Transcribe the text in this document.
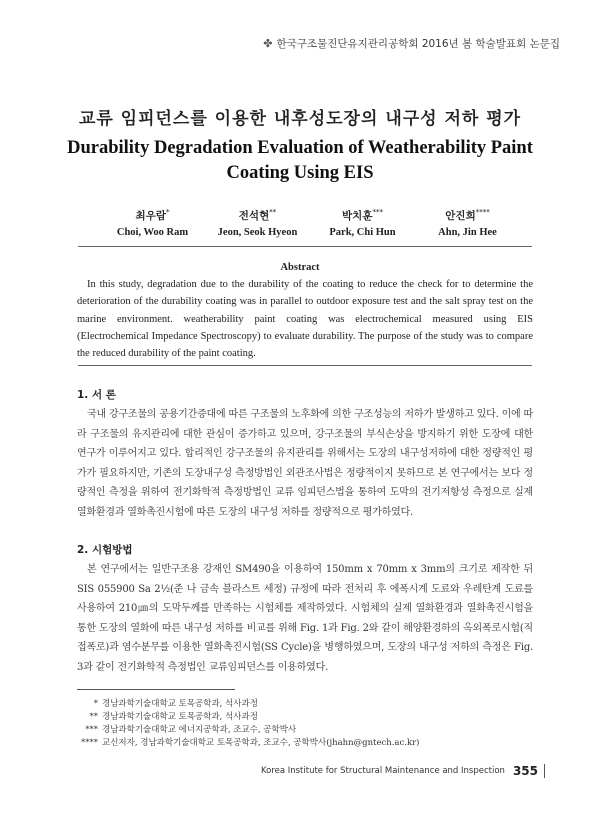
✤ 한국구조물진단유지관리공학회 2016년 봄 학술발표회 논문집
교류 임피던스를 이용한 내후성도장의 내구성 저하 평가
Durability Degradation Evaluation of Weatherability Paint Coating Using EIS
최우람*	전석현**	박치훈***	안진희****
Choi, Woo Ram	Jeon, Seok Hyeon	Park, Chi Hun	Ahn, Jin Hee
Abstract
In this study, degradation due to the durability of the coating to reduce the check for to determine the deterioration of the durability coating was in parallel to outdoor exposure test and the salt spray test on the marine environment. weatherability paint coating was electrochemical measured using EIS (Electrochemical Impedance Spectroscopy) to evaluate durability. The purpose of the study was to compare the reduced durability of the paint coating.
1. 서 론
국내 강구조물의 공용기간증대에 따른 구조물의 노후화에 의한 구조성능의 저하가 발생하고 있다. 이에 따라 구조물의 유지관리에 대한 관심이 증가하고 있으며, 강구조물의 부식손상을 방지하기 위한 도장에 대한 연구가 이루어지고 있다. 합리적인 강구조물의 유지관리를 위해서는 도장의 내구성저하에 대한 정량적인 평가가 필요하지만, 기존의 도장내구성 측정방법인 외관조사법은 정량적이지 못하므로 본 연구에서는 보다 정량적인 측정을 위하여 전기화학적 측정방법인 교류 임피던스법을 통하여 도막의 전기저항성 측정으로 실제 열화환경과 열화촉진시험에 따른 도장의 내구성 저하를 정량적으로 평가하였다.
2. 시험방법
본 연구에서는 일반구조용 강재인 SM490을 이용하여 150mm x 70mm x 3mm의 크기로 제작한 뒤 SIS 055900 Sa 2½(준 나 금속 블라스트 세정) 규정에 따라 전처리 후 에폭시계 도료와 우레탄계 도료를 사용하여 210㎛의 도막두께를 만족하는 시험체를 제작하였다. 시험체의 실제 열화환경과 열화촉진시험을 통한 도장의 열화에 따른 내구성 저하를 비교를 위해 Fig. 1과 Fig. 2와 같이 해양환경하의 옥외폭로시험(직접폭로)과 염수분무를 이용한 열화촉진시험(SS Cycle)을 병행하였으며, 도장의 내구성 저하의 측정은 Fig. 3과 같이 전기화학적 측정법인 교류임피던스를 이용하였다.
* 경남과학기술대학교 토목공학과, 석사과정
** 경남과학기술대학교 토목공학과, 석사과정
*** 경남과학기술대학교 에너지공학과, 조교수, 공학박사
**** 교신저자, 경남과학기술대학교 토목공학과, 조교수, 공학박사(jhahn@gntech.ac.kr)
Korea Institute for Structural Maintenance and Inspection 355
